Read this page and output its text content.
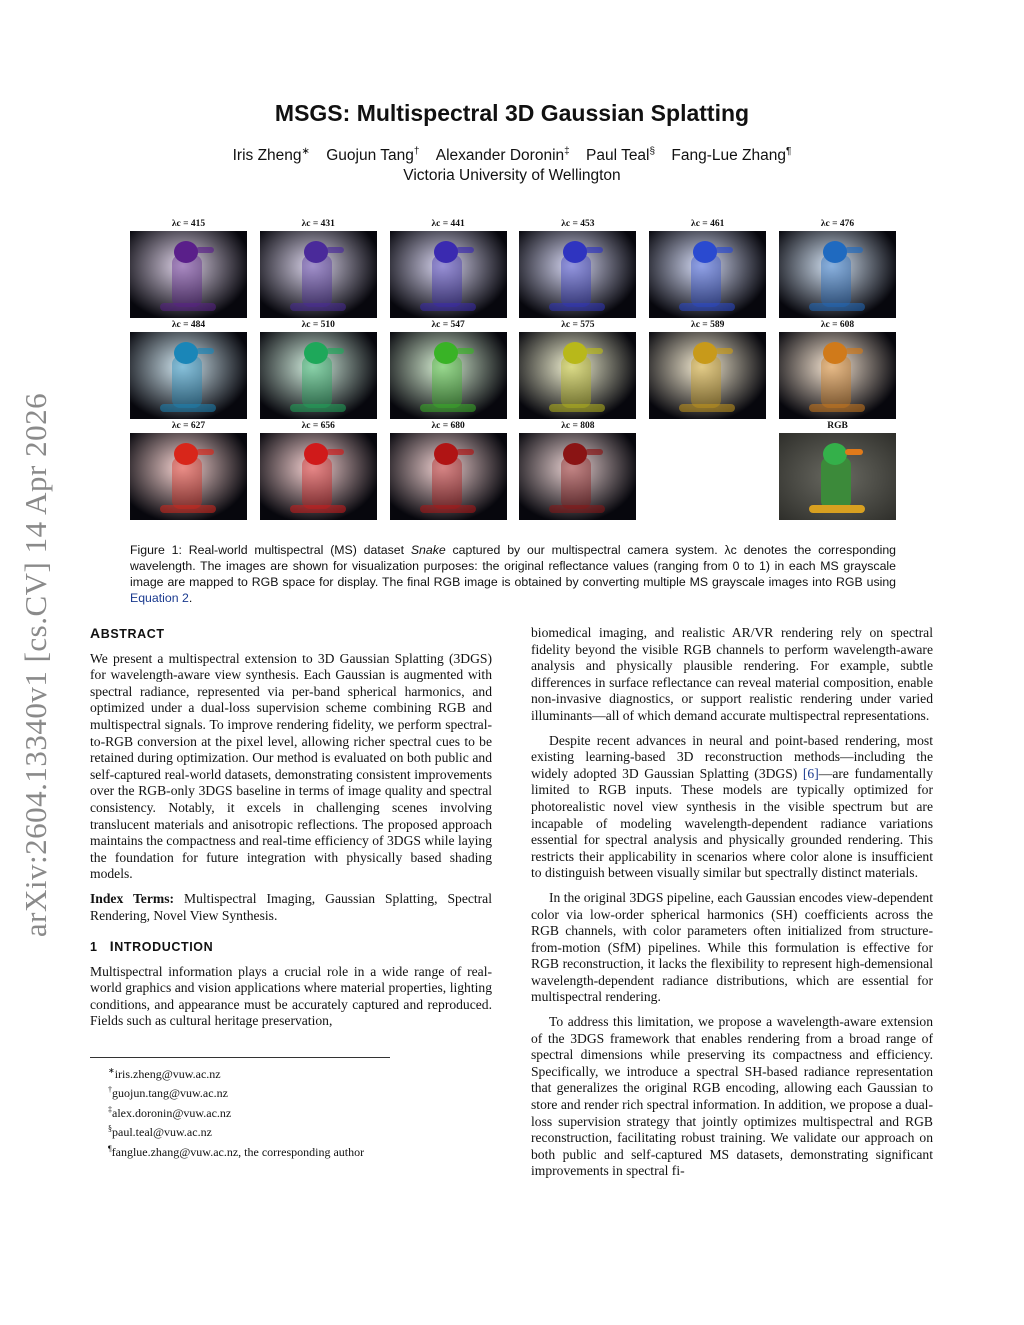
arXiv:2604.13340v1 [cs.CV] 14 Apr 2026
MSGS: Multispectral 3D Gaussian Splatting
Iris Zheng∗ Guojun Tang† Alexander Doronin‡ Paul Teal§ Fang-Lue Zhang¶
Victoria University of Wellington
λc = 415	λc = 431	λc = 441	λc = 453	λc = 461	λc = 476
λc = 484	λc = 510	λc = 547	λc = 575	λc = 589	λc = 608
λc = 627	λc = 656	λc = 680	λc = 808	RGB
Figure 1: Real-world multispectral (MS) dataset Snake captured by our multispectral camera system. λc denotes the corresponding wavelength. The images are shown for visualization purposes: the original reflectance values (ranging from 0 to 1) in each MS grayscale image are mapped to RGB space for display. The final RGB image is obtained by converting multiple MS grayscale images into RGB using Equation 2.
ABSTRACT

We present a multispectral extension to 3D Gaussian Splatting (3DGS) for wavelength-aware view synthesis. Each Gaussian is augmented with spectral radiance, represented via per-band spherical harmonics, and optimized under a dual-loss supervision scheme combining RGB and multispectral signals. To improve rendering fidelity, we perform spectral-to-RGB conversion at the pixel level, allowing richer spectral cues to be retained during optimization. Our method is evaluated on both public and self-captured real-world datasets, demonstrating consistent improvements over the RGB-only 3DGS baseline in terms of image quality and spectral consistency. Notably, it excels in challenging scenes involving translucent materials and anisotropic reflections. The proposed approach maintains the compactness and real-time efficiency of 3DGS while laying the foundation for future integration with physically based shading models.

Index Terms: Multispectral Imaging, Gaussian Splatting, Spectral Rendering, Novel View Synthesis.

1 INTRODUCTION

Multispectral information plays a crucial role in a wide range of real-world graphics and vision applications where material properties, lighting conditions, and appearance must be accurately captured and reproduced. Fields such as cultural heritage preservation,

∗iris.zheng@vuw.ac.nz
†guojun.tang@vuw.ac.nz
‡alex.doronin@vuw.ac.nz
§paul.teal@vuw.ac.nz
¶fanglue.zhang@vuw.ac.nz, the corresponding author

biomedical imaging, and realistic AR/VR rendering rely on spectral fidelity beyond the visible RGB channels to perform wavelength-aware analysis and physically plausible rendering. For example, subtle differences in surface reflectance can reveal material composition, enable non-invasive diagnostics, or support realistic rendering under varied illuminants—all of which demand accurate multispectral representations.

Despite recent advances in neural and point-based rendering, most existing learning-based 3D reconstruction methods—including the widely adopted 3D Gaussian Splatting (3DGS) [6]—are fundamentally limited to RGB inputs. These models are typically optimized for photorealistic novel view synthesis in the visible spectrum but are incapable of modeling wavelength-dependent radiance variations essential for spectral analysis and physically grounded rendering. This restricts their applicability in scenarios where color alone is insufficient to distinguish between visually similar but spectrally distinct materials.

In the original 3DGS pipeline, each Gaussian encodes view-dependent color via low-order spherical harmonics (SH) coefficients across the RGB channels, with color parameters often initialized from structure-from-motion (SfM) pipelines. While this formulation is effective for RGB reconstruction, it lacks the flexibility to represent high-demensional wavelength-dependent radiance distributions, which are essential for multispectral rendering.

To address this limitation, we propose a wavelength-aware extension of the 3DGS framework that enables rendering from a broad range of spectral dimensions while preserving its compactness and efficiency. Specifically, we introduce a spectral SH-based radiance representation that generalizes the original RGB encoding, allowing each Gaussian to store and render rich spectral information. In addition, we propose a dual-loss supervision strategy that jointly optimizes multispectral and RGB reconstruction, facilitating robust training. We validate our approach on both public and self-captured MS datasets, demonstrating significant improvements in spectral fi-
